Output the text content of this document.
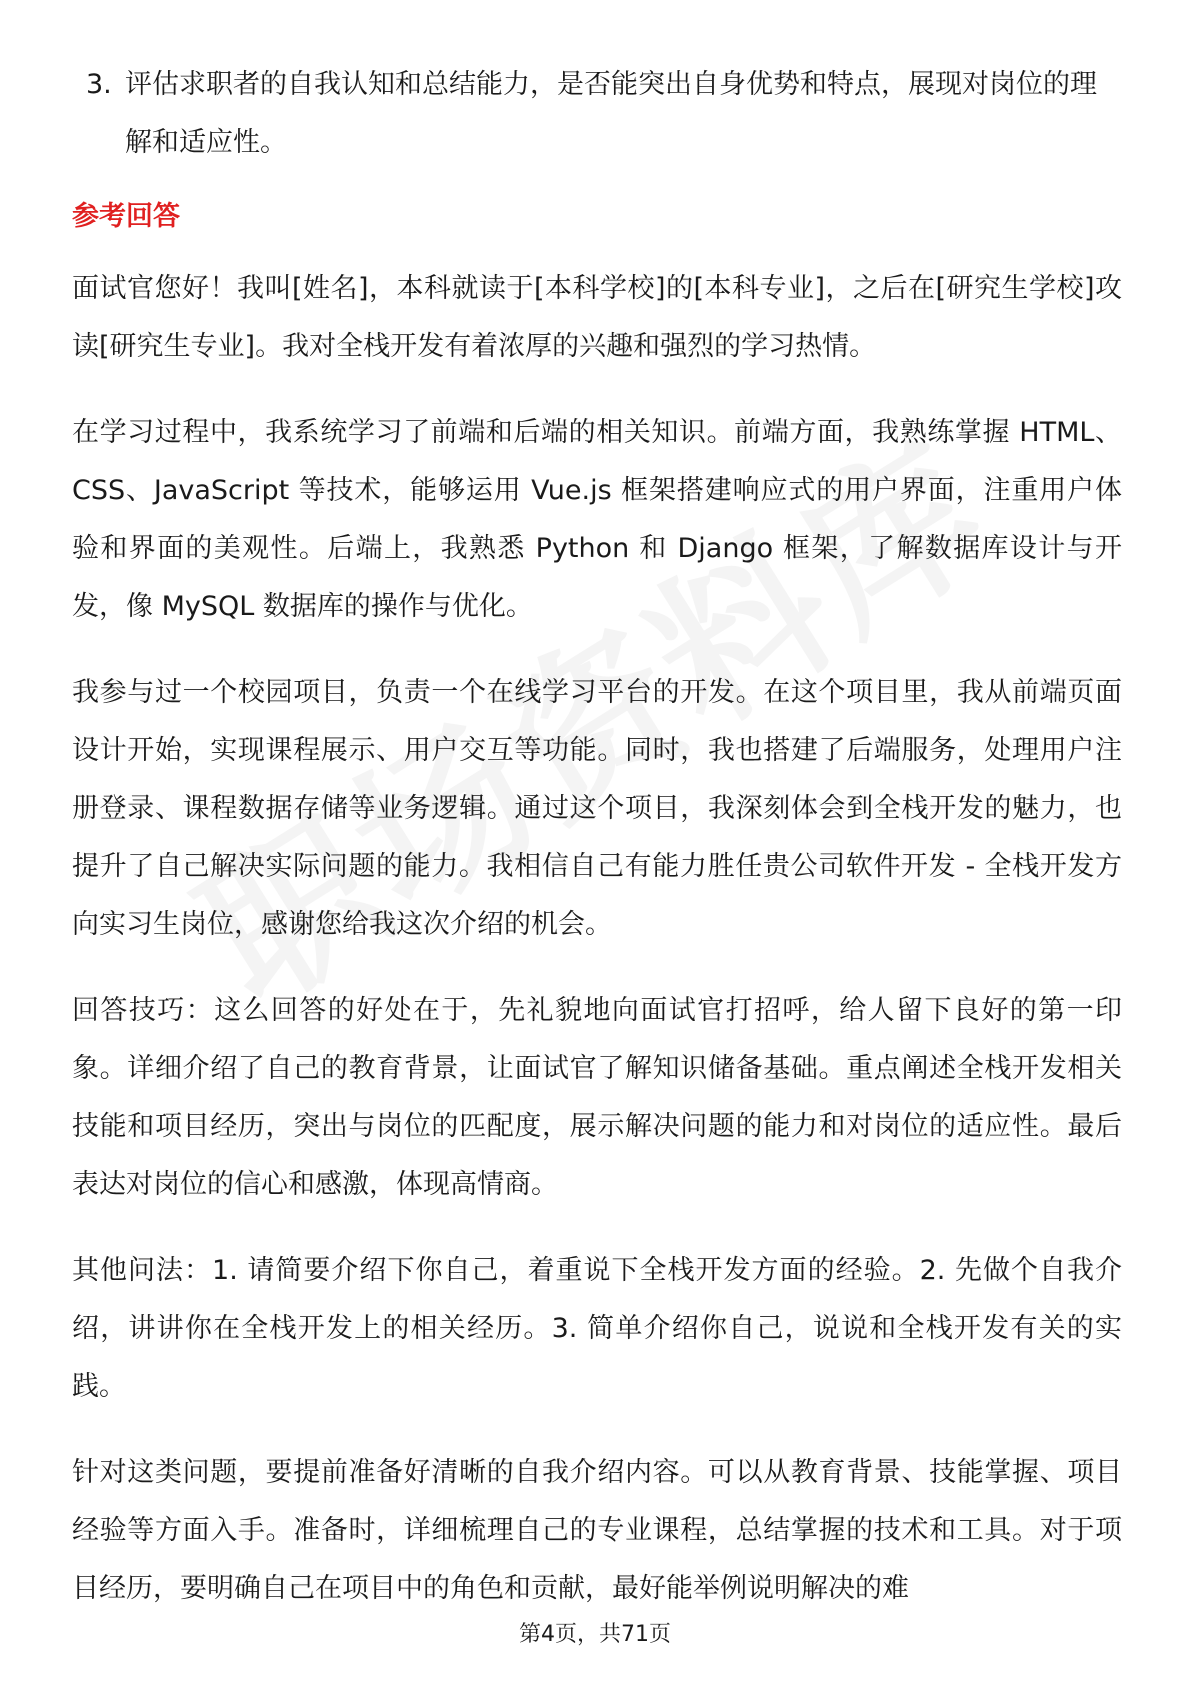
3. 评估求职者的自我认知和总结能力，是否能突出自身优势和特点，展现对岗位的理解和适应性。
参考回答

面试官您好！我叫[姓名]，本科就读于[本科学校]的[本科专业]，之后在[研究生学校]攻读[研究生专业]。我对全栈开发有着浓厚的兴趣和强烈的学习热情。

在学习过程中，我系统学习了前端和后端的相关知识。前端方面，我熟练掌握 HTML、CSS、JavaScript 等技术，能够运用 Vue.js 框架搭建响应式的用户界面，注重用户体验和界面的美观性。后端上，我熟悉 Python 和 Django 框架，了解数据库设计与开发，像 MySQL 数据库的操作与优化。

我参与过一个校园项目，负责一个在线学习平台的开发。在这个项目里，我从前端页面设计开始，实现课程展示、用户交互等功能。同时，我也搭建了后端服务，处理用户注册登录、课程数据存储等业务逻辑。通过这个项目，我深刻体会到全栈开发的魅力，也提升了自己解决实际问题的能力。我相信自己有能力胜任贵公司软件开发 - 全栈开发方向实习生岗位，感谢您给我这次介绍的机会。

回答技巧：这么回答的好处在于，先礼貌地向面试官打招呼，给人留下良好的第一印象。详细介绍了自己的教育背景，让面试官了解知识储备基础。重点阐述全栈开发相关技能和项目经历，突出与岗位的匹配度，展示解决问题的能力和对岗位的适应性。最后表达对岗位的信心和感激，体现高情商。

其他问法：1. 请简要介绍下你自己，着重说下全栈开发方面的经验。2. 先做个自我介绍，讲讲你在全栈开发上的相关经历。3. 简单介绍你自己，说说和全栈开发有关的实践。

针对这类问题，要提前准备好清晰的自我介绍内容。可以从教育背景、技能掌握、项目经验等方面入手。准备时，详细梳理自己的专业课程，总结掌握的技术和工具。对于项目经历，要明确自己在项目中的角色和贡献，最好能举例说明解决的难

第4页，共71页
